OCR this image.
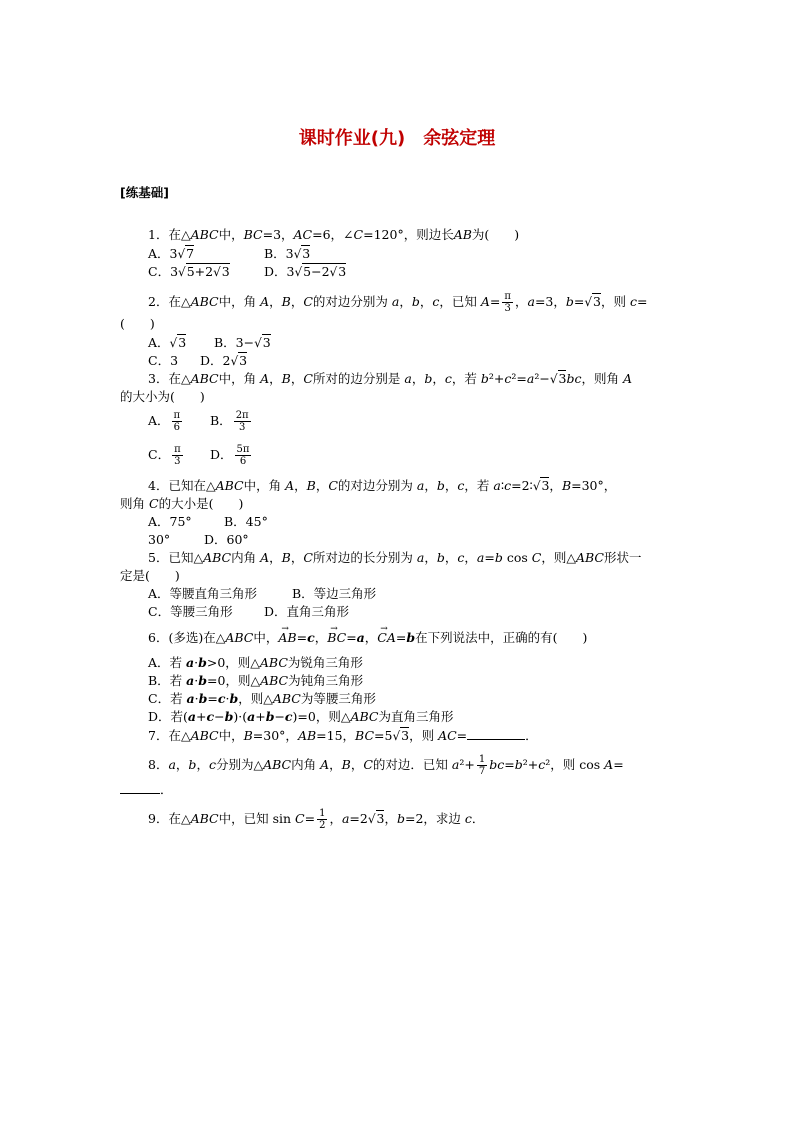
课时作业(九)　余弦定理
[练基础]
1．在△ABC中，BC=3，AC=6，∠C=120°，则边长AB为(　　)
A．3√7	B．3√3
C．3√5+2√3	D．3√5−2√3
2．在△ABC中，角 A，B，C的对边分别为 a，b，c，已知 $A= \frac{\pi}{3}$ ，a=3，b=√3，则 c=
(　　)
A．√3 B．3−√3
C．3 D．2√3
3．在△ABC中，角 A，B，C所对的边分别是 a，b，c，若 b²+c²=a²−√3bc，则角 A
的大小为(　　)
A． $\frac{\pi}{6}$ B． $\frac{2\pi}{3}$
C． $\frac{\pi}{3}$ D． $\frac{5\pi}{6}$
4．已知在△ABC中，角 A，B，C的对边分别为 a，b，c，若 a∶c=2∶√3，B=30°，
则角 C的大小是(　　)
A．75°	B．45°
30°	D．60°
5．已知△ABC内角 A，B，C所对边的长分别为 a，b，c，a=b cos C，则△ABC形状一
定是(　　)
A．等腰直角三角形	B．等边三角形
C．等腰三角形	D．直角三角形
6．(多选)在△ABC中，→ AB=c，→ BC=a，→ CA=b在下列说法中，正确的有(　　)
A．若 a·b>0，则△ABC为锐角三角形
B．若 a·b=0，则△ABC为钝角三角形
C．若 a·b=c·b，则△ABC为等腰三角形
D．若(a+c−b)·(a+b−c)=0，则△ABC为直角三角形
7．在△ABC中，B=30°，AB=15，BC=5√3，则 AC=	．
8．a，b，c分别为△ABC内角 A，B，C的对边．已知 $a^2+ \frac{1}{7} bc=b^2+c^2$，则 cos A=
．
9．在△ABC中，已知 $\sin C= \frac{1}{2}$ ，a=2√3，b=2，求边 c．
